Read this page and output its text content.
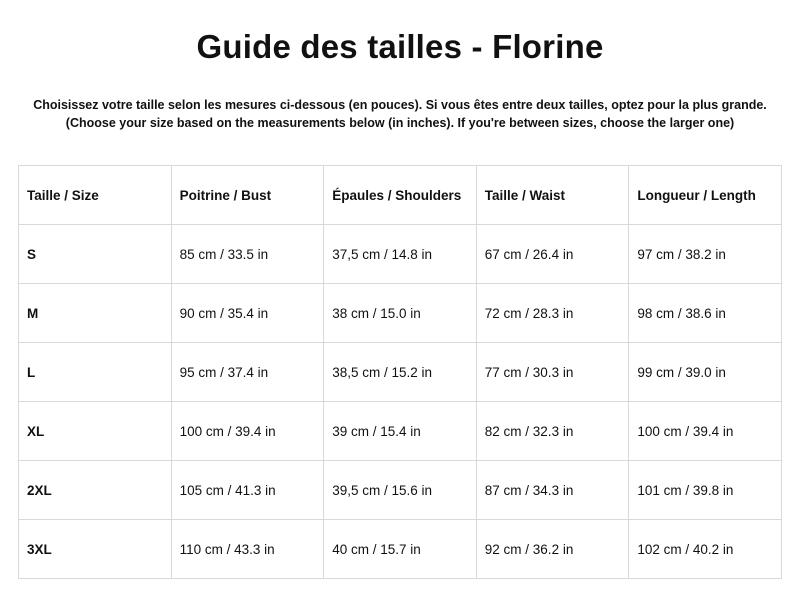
Guide des tailles - Florine

Choisissez votre taille selon les mesures ci-dessous (en pouces). Si vous êtes entre deux tailles, optez pour la plus grande.
(Choose your size based on the measurements below (in inches). If you're between sizes, choose the larger one)

Taille / Size	Poitrine / Bust	Épaules / Shoulders	Taille / Waist	Longueur / Length
S	85 cm / 33.5 in	37,5 cm / 14.8 in	67 cm / 26.4 in	97 cm / 38.2 in
M	90 cm / 35.4 in	38 cm / 15.0 in	72 cm / 28.3 in	98 cm / 38.6 in
L	95 cm / 37.4 in	38,5 cm / 15.2 in	77 cm / 30.3 in	99 cm / 39.0 in
XL	100 cm / 39.4 in	39 cm / 15.4 in	82 cm / 32.3 in	100 cm / 39.4 in
2XL	105 cm / 41.3 in	39,5 cm / 15.6 in	87 cm / 34.3 in	101 cm / 39.8 in
3XL	110 cm / 43.3 in	40 cm / 15.7 in	92 cm / 36.2 in	102 cm / 40.2 in
